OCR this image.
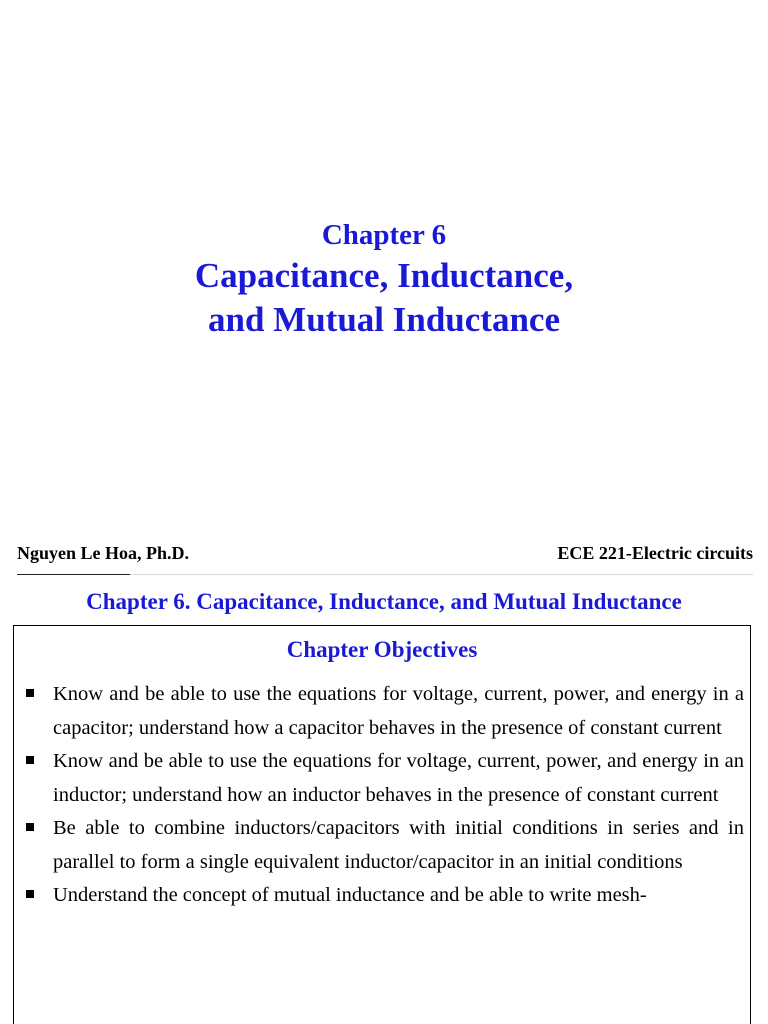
Chapter 6
Capacitance, Inductance,
and Mutual Inductance
Nguyen Le Hoa, Ph.D.	ECE 221-Electric circuits
Chapter 6. Capacitance, Inductance, and Mutual Inductance
Chapter Objectives
Know and be able to use the equations for voltage, current, power, and energy in a capacitor; understand how a capacitor behaves in the presence of constant current
Know and be able to use the equations for voltage, current, power, and energy in an inductor; understand how an inductor behaves in the presence of constant current
Be able to combine inductors/capacitors with initial conditions in series and in parallel to form a single equivalent inductor/capacitor in an initial conditions
Understand the concept of mutual inductance and be able to write mesh-
